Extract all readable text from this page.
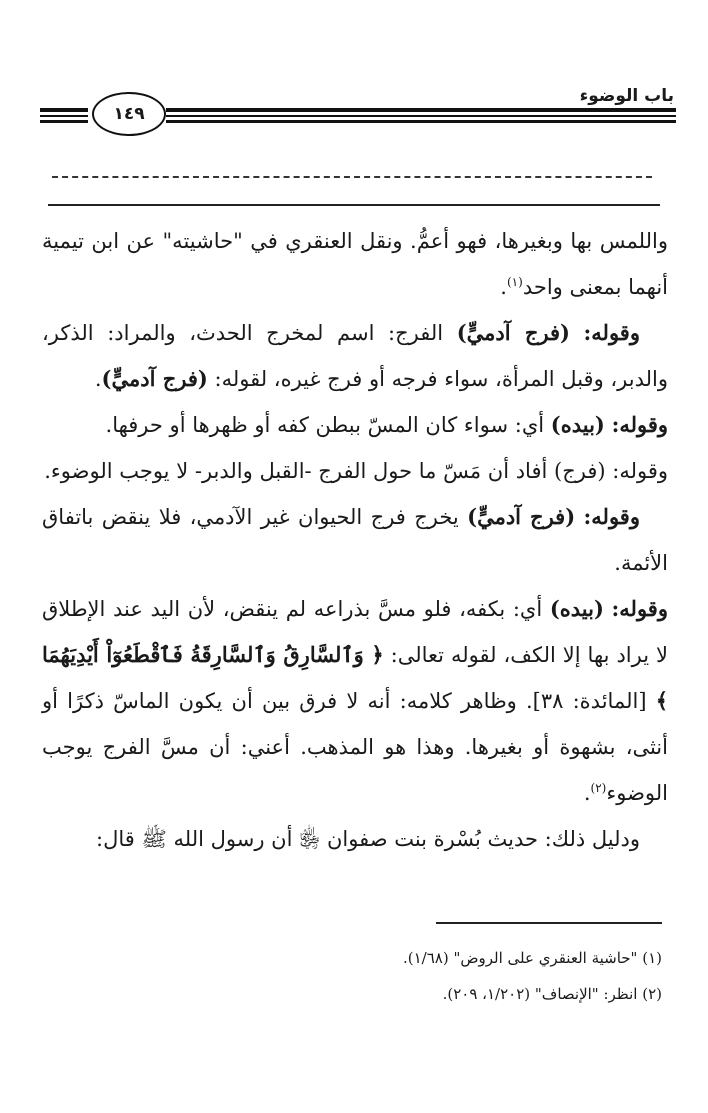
باب الوضوء
١٤٩

واللمس بها وبغيرها، فهو أعمُّ. ونقل العنقري في "حاشيته" عن ابن تيمية أنهما بمعنى واحد$^{(١)}$.

وقوله: (فرج آدميٍّ) الفرج: اسم لمخرج الحدث، والمراد: الذكر، والدبر، وقبل المرأة، سواء فرجه أو فرج غيره، لقوله: (فرج آدميٍّ).

وقوله: (بيده) أي: سواء كان المسّ ببطن كفه أو ظهرها أو حرفها.

وقوله: (فرج) أفاد أن مَسّ ما حول الفرج -القبل والدبر- لا يوجب الوضوء.

وقوله: (فرج آدميٍّ) يخرج فرج الحيوان غير الآدمي، فلا ينقض باتفاق الأئمة.

وقوله: (بيده) أي: بكفه، فلو مسَّ بذراعه لم ينقض، لأن اليد عند الإطلاق لا يراد بها إلا الكف، لقوله تعالى: ﴿ وَٱلسَّارِقُ وَٱلسَّارِقَةُ فَٱقْطَعُوٓاْ أَيْدِيَهُمَا ﴾ [المائدة: ٣٨]. وظاهر كلامه: أنه لا فرق بين أن يكون الماسّ ذكرًا أو أنثى، بشهوة أو بغيرها. وهذا هو المذهب. أعني: أن مسَّ الفرج يوجب الوضوء$^{(٢)}$.

ودليل ذلك: حديث بُسْرة بنت صفوان ﵂ أن رسول الله ﷺ قال:

(١) "حاشية العنقري على الروض" (١/٦٨).

(٢) انظر: "الإنصاف" (١/٢٠٢، ٢٠٩).
